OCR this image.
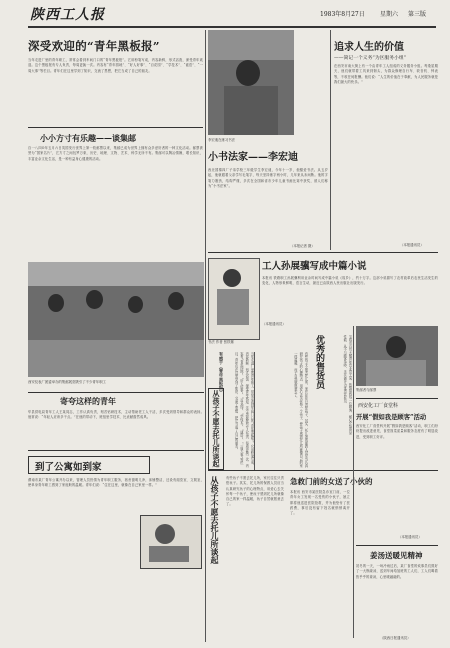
陕西工人报	1983年8月27日	星期六 第三版
深受欢迎的“青年黑板报”
当年走进厂里的青年职工，常常会看到车间门口的“青年黑板报”。它用粉笔写成，内容新鲜，形式活泼，深受青年欢迎。这个黑板报有专人负责，每周更换一次。内容有“青年园地”、“好人好事”、“百花园”、“学技术”、“谜语”、“一周大事”等栏目。青年们在这里学到了知识，交流了思想，把它当成了自己的朋友。
小小方寸有乐趣——谈集邮
自一八四O年五月六日英国发行世界上第一枚邮票以来，集邮已成为世界上拥有众多爱好者的一种文化活动。邮票被誉为“国家名片”，它方寸之间包罗万象，历史、地理、文物、艺术、科学无所不有。集邮可以陶冶情操，增长知识，丰富业余文化生活，是一种有益身心健康的活动。
西安仪表厂团委举办的集邮展览吸引了不少青年职工
寄夸这样的青年
华县供电局青年工人王某同志，工作认真负责，刻苦钻研技术，主动帮助老工人干活，多次受到领导和群众的表扬。他常说：“年轻人应该多干点。”在他的带动下，班组里学技术、比贡献蔚然成风。
到了公寓如到家
渭南市某厂青年公寓开办以来，管理人员热情为青年职工服务，宿舍窗明几净，床铺整洁，还设有阅览室、文娱室，使单身青年职工感到了家庭般的温暖。青年们说：“住在这里，就像在自己家里一样。”
李宏迪在练习书法
小书法家——李宏迪
西北国棉四厂子弟学校三年级学生李宏迪，今年十一岁，他酷爱书法。从五岁起，他就跟着父亲学写毛笔字，每天坚持练字两小时，几年来从未间断。他的字笔力刚劲，结构严谨，多次在全国和省市少年儿童书画比赛中获奖，被人们称为“小书法家”。
（本报记者 摄）
工人孙展骥写成中篇小说
本报讯 铁路职工孙展骥利用业余时间写成中篇小说《故乡》，约十万字。这部小说描写了农村改革后农民生活发生的变化，人物形象鲜明，语言生动，最近已由陕西人民出版社出版发行。
（本报通讯员）
书法 作者 张铁雄
有感于《青年黑板报》	当年走进厂里的青年职工，常常会看到车间门口的“青年黑板报”。它用粉笔写成，内容新鲜，形式活泼，深受青年欢迎。这个黑板报有专人负责，每周更换一次。内容有“青年园地”、“好人好事”、“百花园”、“学技术”、“谜语”、“一周大事”等栏目。青年们在这里学到了知识，交流了思想，把它当成了自己的朋友。
从孩子不愿去托儿所谈起	有些孩子不愿去托儿所，家长往往只责怪孩子。其实，托儿所的保教人员应当认真研究孩子的心理特点，用爱心去关怀每一个孩子，使孩子感到托儿所就像自己的家一样温暖，孩子自然就愿意去了。	优秀的售货员	宝鸡市百货大楼青年营业员王某，热情接待每一位顾客，耐心介绍商品性能，从不与顾客争吵，多次被评为优秀营业员。	集邮者与邮票
从孩子不愿去托儿所谈起	有些孩子不愿去托儿所，家长往往只责怪孩子。其实，托儿所的保教人员应当认真研究孩子的心理特点，用爱心去关怀每一个孩子，使孩子感到托儿所就像自己的家一样温暖，孩子自然就愿意去了。
急救门前的女送了小伙的
本报讯 西安市某医院急诊室门前，一位青年女工发现一名受伤的小伙子，她立即将他送进医院抢救，并为他垫付了医药费，事后没有留下姓名就悄悄离开了。
追求人生的价值
——简记一个义务“为区服务小组”
在西安市南大街上有一个由青年工人组成的义务服务小组。每逢星期天，他们就带着工具来到街头，为群众修理自行车、收音机、钟表等，不收任何报酬。他们说：“人生的价值在于奉献，为人民服务就是我们最大的快乐。”
（本报通讯员）
西安化工厂食堂科
开展“假如我是顾客”活动
西安化工厂食堂科开展“假如我是顾客”活动，职工们纷纷提出改进意见，食堂饭菜质量和服务态度有了明显改进，受到职工好评。
（本报通讯员）
姜汤送暖见精神
初冬的一天，一场冷雨过后，某厂食堂的炊事员们熬好了一大锅姜汤，送到车间给加班的工人们，工人们喝着热乎乎的姜汤，心里暖融融的。
（陕西日报通讯员）
